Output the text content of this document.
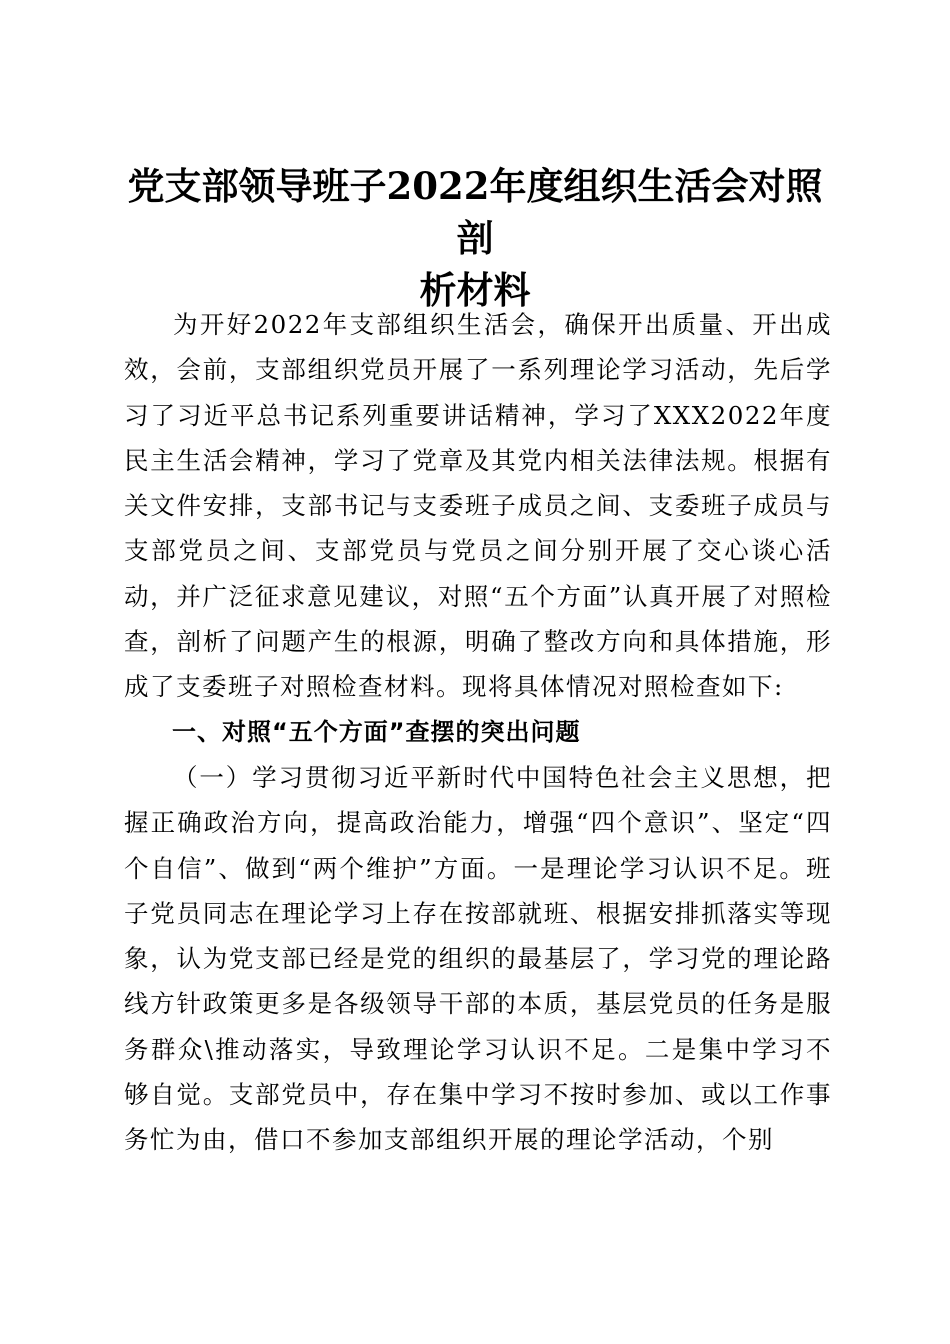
党支部领导班子2022年度组织生活会对照剖
析材料

为开好2022年支部组织生活会，确保开出质量、开出成效，会前，支部组织党员开展了一系列理论学习活动，先后学习了习近平总书记系列重要讲话精神，学习了XXX2022年度民主生活会精神，学习了党章及其党内相关法律法规。根据有关文件安排，支部书记与支委班子成员之间、支委班子成员与支部党员之间、支部党员与党员之间分别开展了交心谈心活动，并广泛征求意见建议，对照“五个方面”认真开展了对照检查，剖析了问题产生的根源，明确了整改方向和具体措施，形成了支委班子对照检查材料。现将具体情况对照检查如下:

一、对照“五个方面”查摆的突出问题

（一）学习贯彻习近平新时代中国特色社会主义思想，把握正确政治方向，提高政治能力，增强“四个意识”、坚定“四个自信”、做到“两个维护”方面。一是理论学习认识不足。班子党员同志在理论学习上存在按部就班、根据安排抓落实等现象，认为党支部已经是党的组织的最基层了，学习党的理论路线方针政策更多是各级领导干部的本质，基层党员的任务是服务群众\推动落实，导致理论学习认识不足。二是集中学习不够自觉。支部党员中，存在集中学习不按时参加、或以工作事务忙为由，借口不参加支部组织开展的理论学活动，个别
